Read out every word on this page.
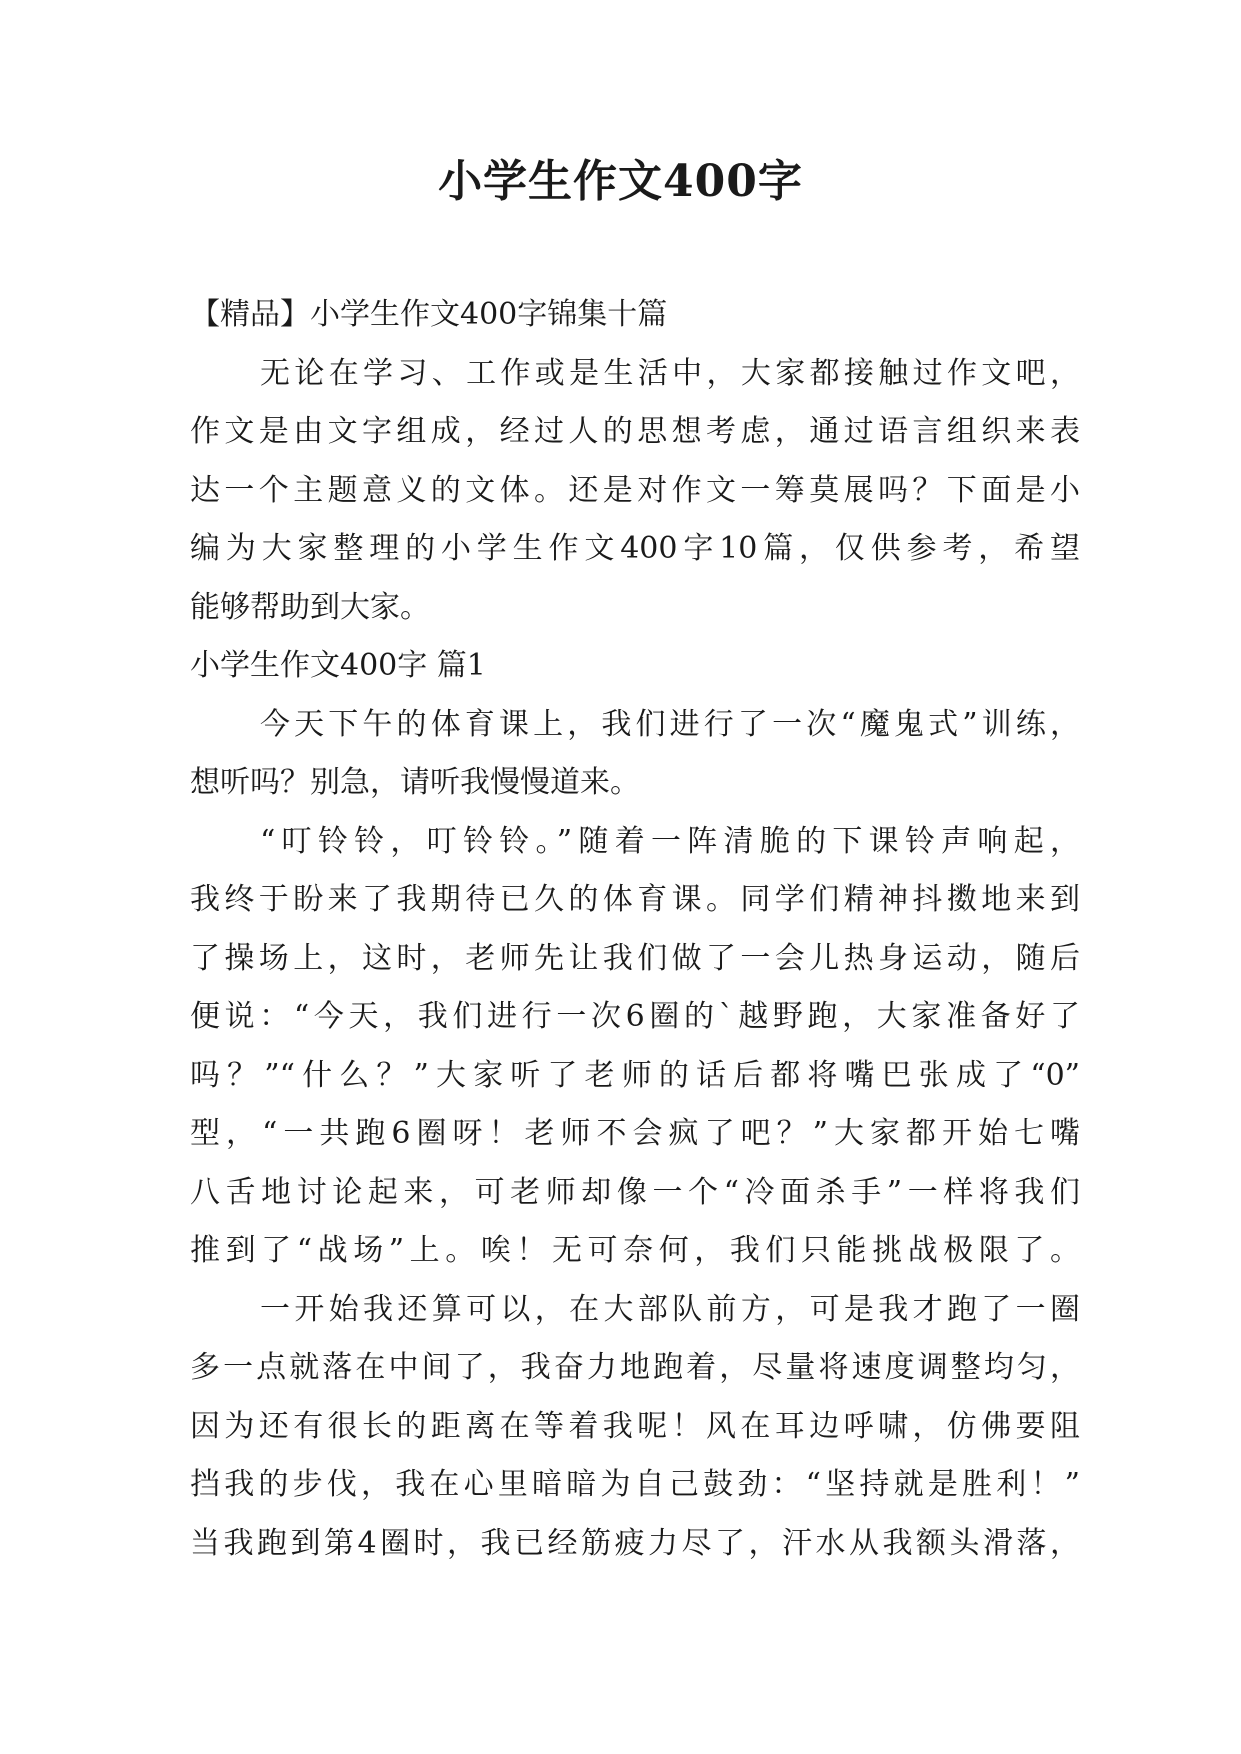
小学生作文400字
【精品】小学生作文400字锦集十篇
无论在学习、工作或是生活中，大家都接触过作文吧，
作文是由文字组成，经过人的思想考虑，通过语言组织来表
达一个主题意义的文体。还是对作文一筹莫展吗？下面是小
编为大家整理的小学生作文400字10篇，仅供参考，希望
能够帮助到大家。
小学生作文400字 篇1
今天下午的体育课上，我们进行了一次“魔鬼式”训练，
想听吗？别急，请听我慢慢道来。
“叮铃铃，叮铃铃。”随着一阵清脆的下课铃声响起，
我终于盼来了我期待已久的体育课。同学们精神抖擞地来到
了操场上，这时，老师先让我们做了一会儿热身运动，随后
便说：“今天，我们进行一次6圈的`越野跑，大家准备好了
吗？”“什么？”大家听了老师的话后都将嘴巴张成了“0”
型，“一共跑6圈呀！老师不会疯了吧？”大家都开始七嘴
八舌地讨论起来，可老师却像一个“冷面杀手”一样将我们
推到了“战场”上。唉！无可奈何，我们只能挑战极限了。
一开始我还算可以，在大部队前方，可是我才跑了一圈
多一点就落在中间了，我奋力地跑着，尽量将速度调整均匀，
因为还有很长的距离在等着我呢！风在耳边呼啸，仿佛要阻
挡我的步伐，我在心里暗暗为自己鼓劲：“坚持就是胜利！”
当我跑到第4圈时，我已经筋疲力尽了，汗水从我额头滑落，
